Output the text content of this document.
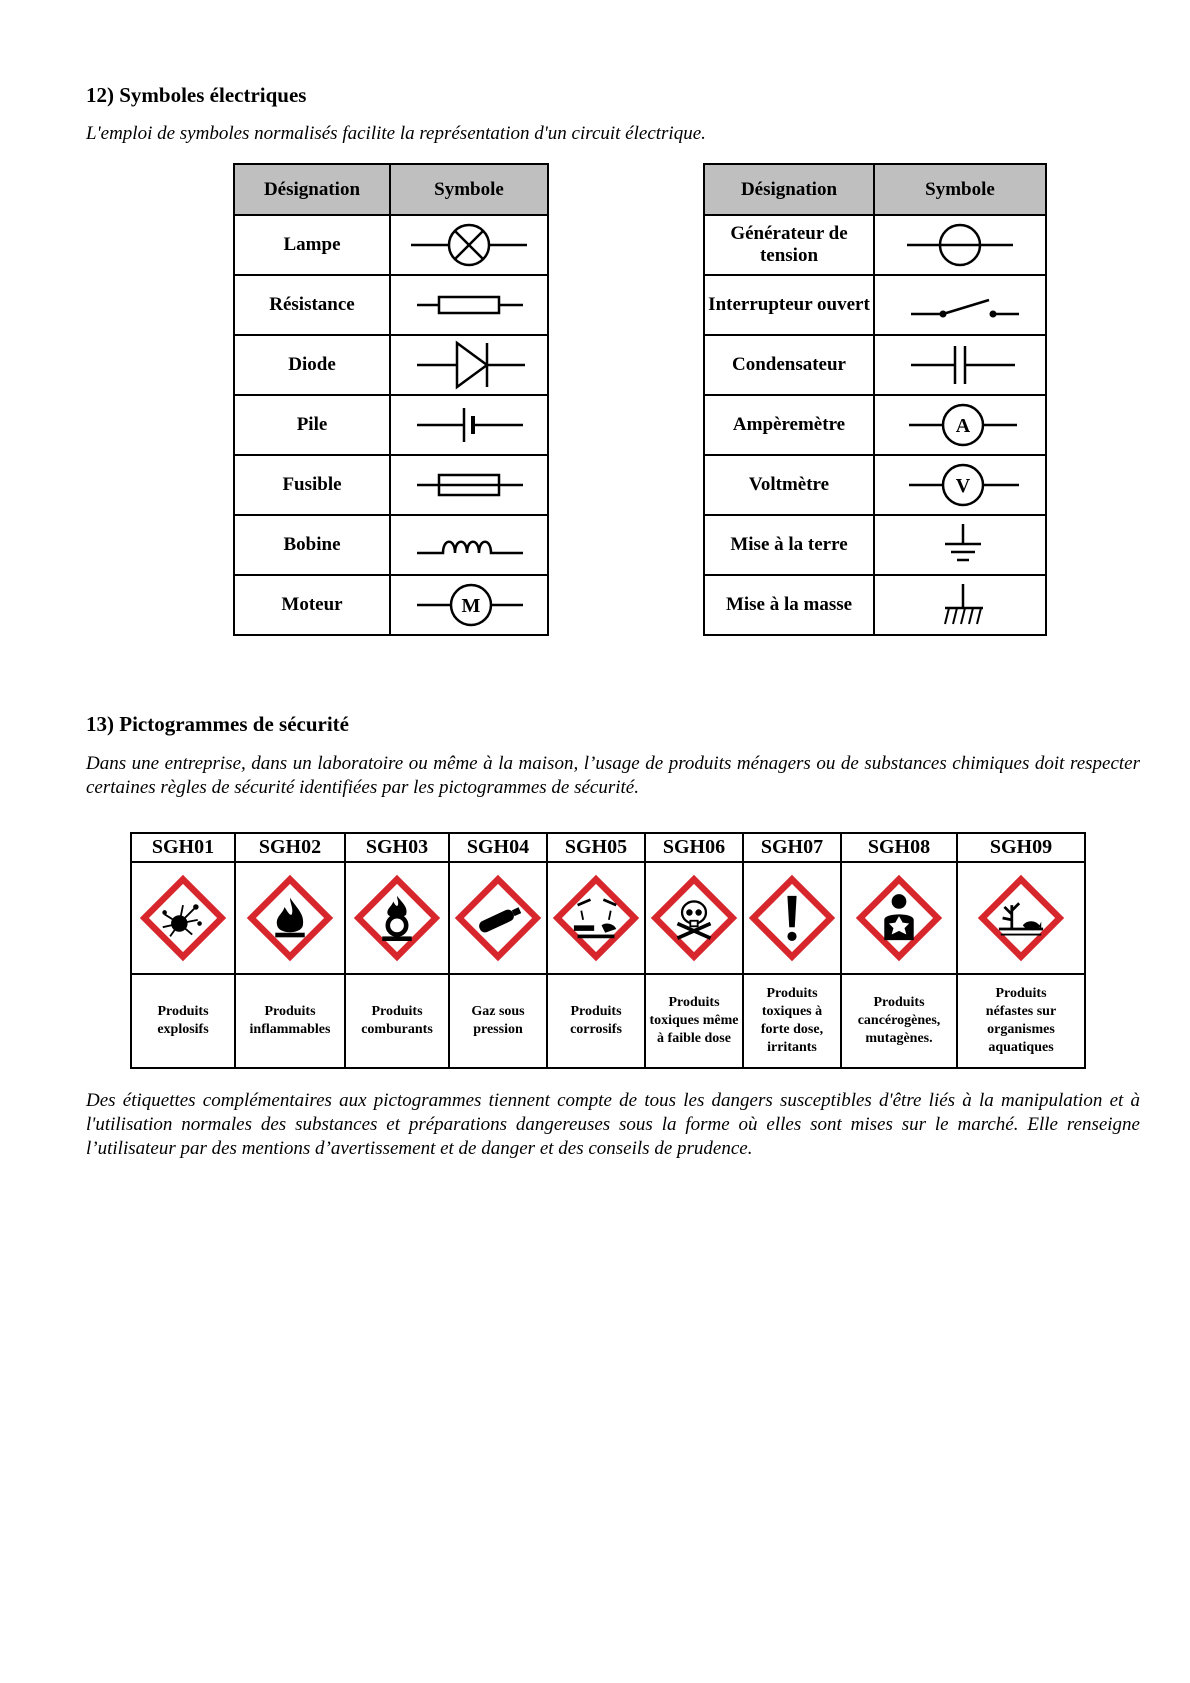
12) Symboles électriques

L'emploi de symboles normalisés facilite la représentation d'un circuit électrique.

Désignation	Symbole
Lampe	

Résistance	

Diode	

Pile	

Fusible	

Bobine	

Moteur	M
Désignation	Symbole
Générateur de tension	

Interrupteur ouvert	

Condensateur	

Ampèremètre	A

Voltmètre	V

Mise à la terre	

Mise à la masse	
13) Pictogrammes de sécurité

Dans une entreprise, dans un laboratoire ou même à la maison, l’usage de produits ménagers ou de substances chimiques doit respecter certaines règles de sécurité identifiées par les pictogrammes de sécurité.

SGH01	SGH02	SGH03	SGH04	SGH05	SGH06	SGH07	SGH08	SGH09

Produits explosifs	Produits inflammables	Produits comburants	Gaz sous pression	Produits corrosifs	Produits toxiques même à faible dose	Produits toxiques à forte dose, irritants	Produits cancérogènes, mutagènes.	Produits néfastes sur organismes aquatiques

Des étiquettes complémentaires aux pictogrammes tiennent compte de tous les dangers susceptibles d'être liés à la manipulation et à l'utilisation normales des substances et préparations dangereuses sous la forme où elles sont mises sur le marché. Elle renseigne l’utilisateur par des mentions d’avertissement et de danger et des conseils de prudence.
